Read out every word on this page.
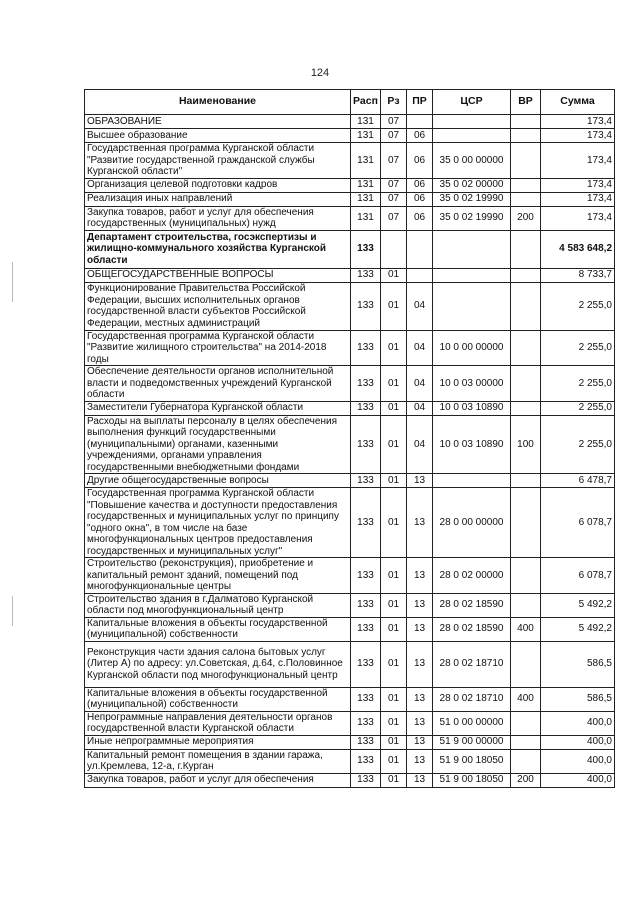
124
Наименование	Расп	Рз	ПР	ЦСР	ВР	Сумма
ОБРАЗОВАНИЕ	131	07				173,4
Высшее образование	131	07	06			173,4
Государственная программа Курганской области "Развитие государственной гражданской службы Курганской области"	131	07	06	35 0 00 00000		173,4
Организация целевой подготовки кадров	131	07	06	35 0 02 00000		173,4
Реализация иных направлений	131	07	06	35 0 02 19990		173,4
Закупка товаров, работ и услуг для обеспечения государственных (муниципальных) нужд	131	07	06	35 0 02 19990	200	173,4
Департамент строительства, госэкспертизы и жилищно-коммунального хозяйства Курганской области	133					4 583 648,2
ОБЩЕГОСУДАРСТВЕННЫЕ ВОПРОСЫ	133	01				8 733,7
Функционирование Правительства Российской Федерации, высших исполнительных органов государственной власти субъектов Российской Федерации, местных администраций	133	01	04			2 255,0
Государственная программа Курганской области "Развитие жилищного строительства" на 2014-2018 годы	133	01	04	10 0 00 00000		2 255,0
Обеспечение деятельности органов исполнительной власти и подведомственных учреждений Курганской области	133	01	04	10 0 03 00000		2 255,0
Заместители Губернатора Курганской области	133	01	04	10 0 03 10890		2 255,0
Расходы на выплаты персоналу в целях обеспечения выполнения функций государственными (муниципальными) органами, казенными учреждениями, органами управления государственными внебюджетными фондами	133	01	04	10 0 03 10890	100	2 255,0
Другие общегосударственные вопросы	133	01	13			6 478,7
Государственная программа Курганской области "Повышение качества и доступности предоставления государственных и муниципальных услуг по принципу "одного окна", в том числе на базе многофункциональных центров предоставления государственных и муниципальных услуг"	133	01	13	28 0 00 00000		6 078,7
Строительство (реконструкция), приобретение и капитальный ремонт зданий, помещений под многофункциональные центры	133	01	13	28 0 02 00000		6 078,7
Строительство здания в г.Далматово Курганской области под многофункциональный центр	133	01	13	28 0 02 18590		5 492,2
Капитальные вложения в объекты государственной (муниципальной) собственности	133	01	13	28 0 02 18590	400	5 492,2
Реконструкция части здания салона бытовых услуг (Литер А) по адресу: ул.Советская, д.64, с.Половинное Курганской области под многофункциональный центр	133	01	13	28 0 02 18710		586,5
Капитальные вложения в объекты государственной (муниципальной) собственности	133	01	13	28 0 02 18710	400	586,5
Непрограммные направления деятельности органов государственной власти Курганской области	133	01	13	51 0 00 00000		400,0
Иные непрограммные мероприятия	133	01	13	51 9 00 00000		400,0
Капитальный ремонт помещения в здании гаража, ул.Кремлева, 12-а, г.Курган	133	01	13	51 9 00 18050		400,0
Закупка товаров, работ и услуг для обеспечения	133	01	13	51 9 00 18050	200	400,0
